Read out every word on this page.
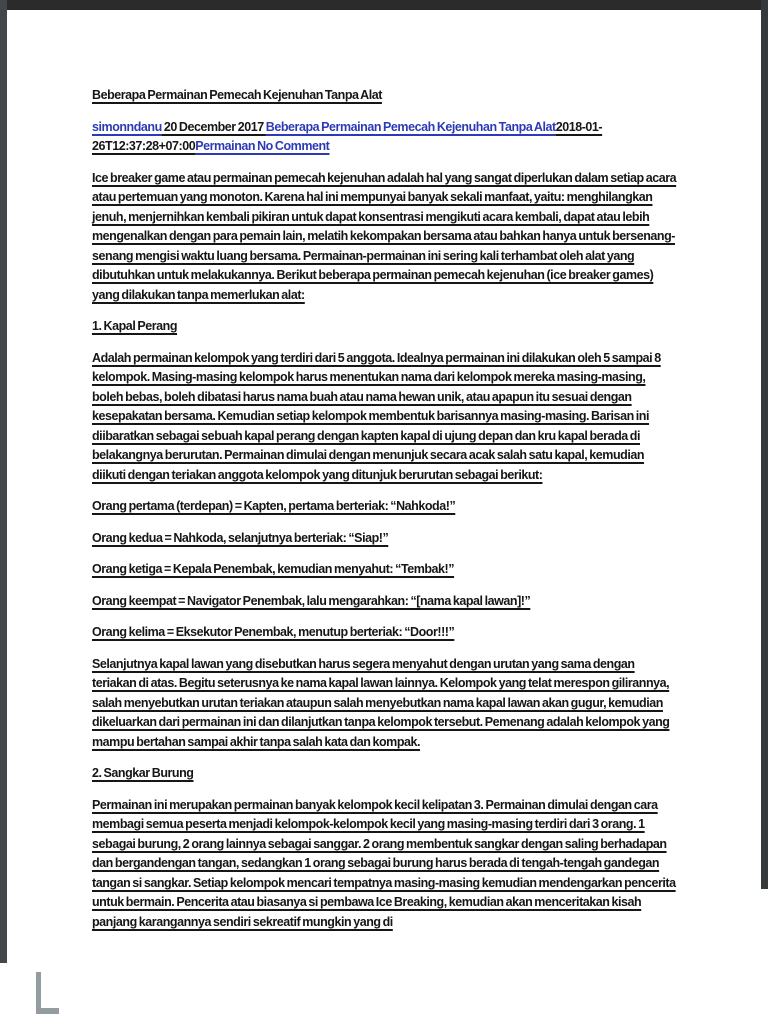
Beberapa Permainan Pemecah Kejenuhan Tanpa Alat

simonndanu 20 December 2017 Beberapa Permainan Pemecah Kejenuhan Tanpa Alat2018-01-26T12:37:28+07:00Permainan No Comment

Ice breaker game atau permainan pemecah kejenuhan adalah hal yang sangat diperlukan dalam setiap acara atau pertemuan yang monoton. Karena hal ini mempunyai banyak sekali manfaat, yaitu: menghilangkan jenuh, menjernihkan kembali pikiran untuk dapat konsentrasi mengikuti acara kembali, dapat atau lebih mengenalkan dengan para pemain lain, melatih kekompakan bersama atau bahkan hanya untuk bersenang-senang mengisi waktu luang bersama. Permainan-permainan ini sering kali terhambat oleh alat yang dibutuhkan untuk melakukannya. Berikut beberapa permainan pemecah kejenuhan (ice breaker games) yang dilakukan tanpa memerlukan alat:

1. Kapal Perang

Adalah permainan kelompok yang terdiri dari 5 anggota. Idealnya permainan ini dilakukan oleh 5 sampai 8 kelompok. Masing-masing kelompok harus menentukan nama dari kelompok mereka masing-masing, boleh bebas, boleh dibatasi harus nama buah atau nama hewan unik, atau apapun itu sesuai dengan kesepakatan bersama. Kemudian setiap kelompok membentuk barisannya masing-masing. Barisan ini diibaratkan sebagai sebuah kapal perang dengan kapten kapal di ujung depan dan kru kapal berada di belakangnya berurutan. Permainan dimulai dengan menunjuk secara acak salah satu kapal, kemudian diikuti dengan teriakan anggota kelompok yang ditunjuk berurutan sebagai berikut:

Orang pertama (terdepan) = Kapten, pertama berteriak: “Nahkoda!”

Orang kedua = Nahkoda, selanjutnya berteriak: “Siap!”

Orang ketiga = Kepala Penembak, kemudian menyahut: “Tembak!”

Orang keempat = Navigator Penembak, lalu mengarahkan: “[nama kapal lawan]!”

Orang kelima = Eksekutor Penembak, menutup berteriak: “Door!!!”

Selanjutnya kapal lawan yang disebutkan harus segera menyahut dengan urutan yang sama dengan teriakan di atas. Begitu seterusnya ke nama kapal lawan lainnya. Kelompok yang telat merespon gilirannya, salah menyebutkan urutan teriakan ataupun salah menyebutkan nama kapal lawan akan gugur, kemudian dikeluarkan dari permainan ini dan dilanjutkan tanpa kelompok tersebut. Pemenang adalah kelompok yang mampu bertahan sampai akhir tanpa salah kata dan kompak.

2. Sangkar Burung

Permainan ini merupakan permainan banyak kelompok kecil kelipatan 3. Permainan dimulai dengan cara membagi semua peserta menjadi kelompok-kelompok kecil yang masing-masing terdiri dari 3 orang. 1 sebagai burung, 2 orang lainnya sebagai sanggar. 2 orang membentuk sangkar dengan saling berhadapan dan bergandengan tangan, sedangkan 1 orang sebagai burung harus berada di tengah-tengah gandegan tangan si sangkar. Setiap kelompok mencari tempatnya masing-masing kemudian mendengarkan pencerita untuk bermain. Pencerita atau biasanya si pembawa Ice Breaking, kemudian akan menceritakan kisah panjang karangannya sendiri sekreatif mungkin yang di
